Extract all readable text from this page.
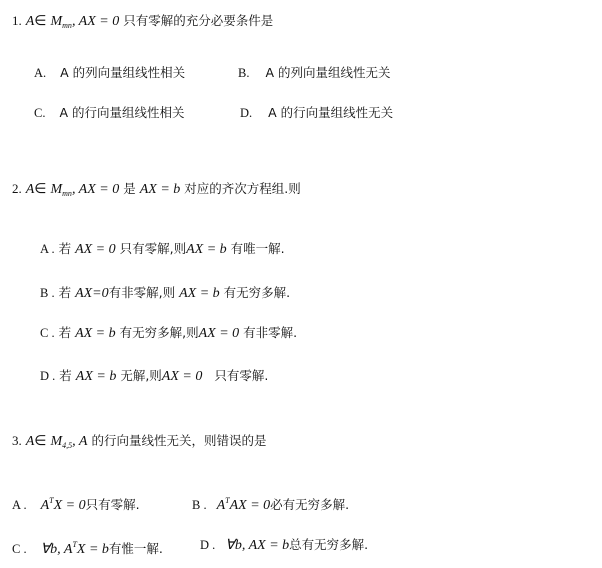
1. A∈ $M_{mn}$, AX = 0 只有零解的充分必要条件是
A. A 的列向量组线性相关	B. A 的列向量组线性无关
C. A 的行向量组线性相关	D. A 的行向量组线性无关
2. A∈ $M_{mn}$, AX = 0 是 AX = b 对应的齐次方程组.则
A . 若 AX = 0 只有零解,则AX = b 有唯一解.
B . 若 AX=0有非零解,则 AX = b 有无穷多解.
C . 若 AX = b 有无穷多解,则AX = 0 有非零解.
D . 若 AX = b 无解,则AX = 0 只有零解.
3. A∈ $M_{4,5}$, A 的行向量线性无关，则错误的是
A . $A^TX = 0$只有零解.	B . $A^TAX = 0$必有无穷多解.
C . ∀b, $A^TX = b$有惟一解.	D . ∀b, AX = b总有无穷多解.
